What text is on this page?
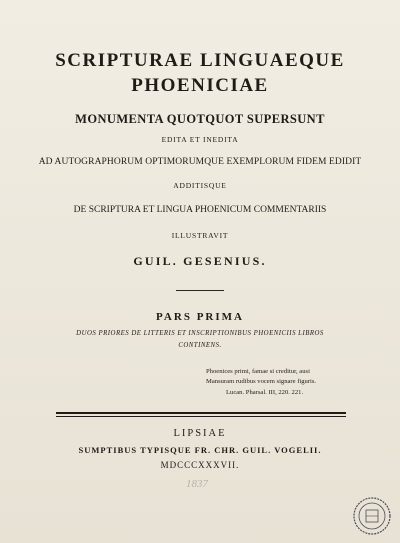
SCRIPTURAE LINGUAEQUE
PHOENICIAE
MONUMENTA QUOTQUOT SUPERSUNT
EDITA ET INEDITA
AD AUTOGRAPHORUM OPTIMORUMQUE EXEMPLORUM FIDEM EDIDIT
ADDITISQUE
DE SCRIPTURA ET LINGUA PHOENICUM COMMENTARIIS
ILLUSTRAVIT
GUIL. GESENIUS.
PARS PRIMA
DUOS PRIORES DE LITTERIS ET INSCRIPTIONIBUS PHOENICIIS LIBROS
CONTINENS.
Phoenices primi, famae si creditur, ausi
Mansuram rudibus vocem signare figuris.
Lucan. Pharsal. III, 220. 221.
LIPSIAE
SUMPTIBUS TYPISQUE FR. CHR. GUIL. VOGELII.
MDCCCXXXVII.
1837
